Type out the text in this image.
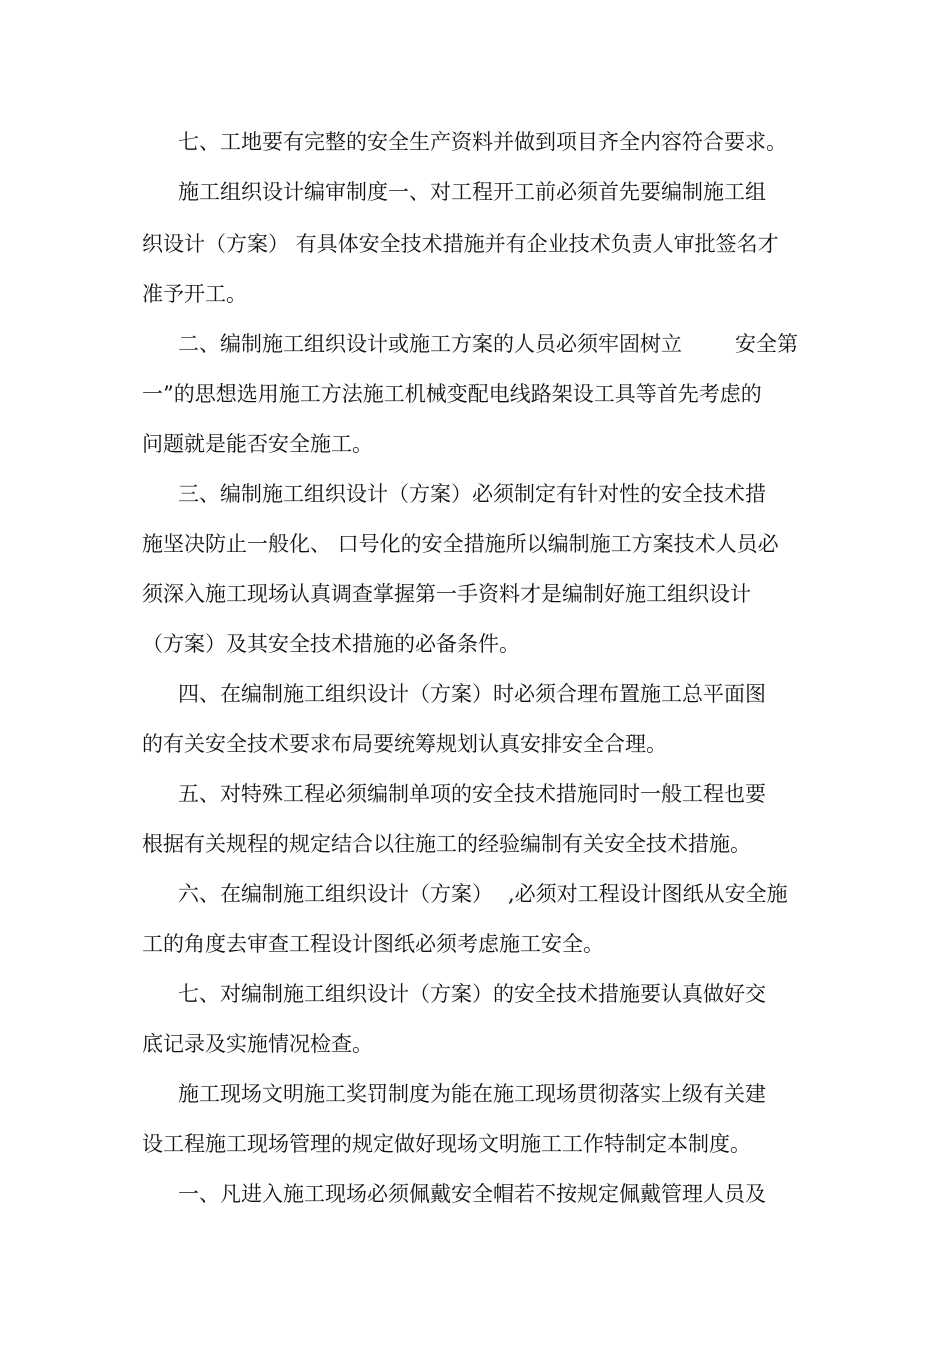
七、工地要有完整的安全生产资料并做到项目齐全内容符合要求。
施工组织设计编审制度一、对工程开工前必须首先要编制施工组
织设计（方案） 有具体安全技术措施并有企业技术负责人审批签名才
准予开工。
二、编制施工组织设计或施工方案的人员必须牢固树立	安全第
一”的思想选用施工方法施工机械变配电线路架设工具等首先考虑的
问题就是能否安全施工。
三、编制施工组织设计（方案）必须制定有针对性的安全技术措
施坚决防止一般化、 口号化的安全措施所以编制施工方案技术人员必
须深入施工现场认真调查掌握第一手资料才是编制好施工组织设计
（方案）及其安全技术措施的必备条件。
四、在编制施工组织设计（方案）时必须合理布置施工总平面图
的有关安全技术要求布局要统筹规划认真安排安全合理。
五、对特殊工程必须编制单项的安全技术措施同时一般工程也要
根据有关规程的规定结合以往施工的经验编制有关安全技术措施。
六、在编制施工组织设计（方案） ,必须对工程设计图纸从安全施
工的角度去审查工程设计图纸必须考虑施工安全。
七、对编制施工组织设计（方案）的安全技术措施要认真做好交
底记录及实施情况检查。
施工现场文明施工奖罚制度为能在施工现场贯彻落实上级有关建
设工程施工现场管理的规定做好现场文明施工工作特制定本制度。
一、凡进入施工现场必须佩戴安全帽若不按规定佩戴管理人员及
